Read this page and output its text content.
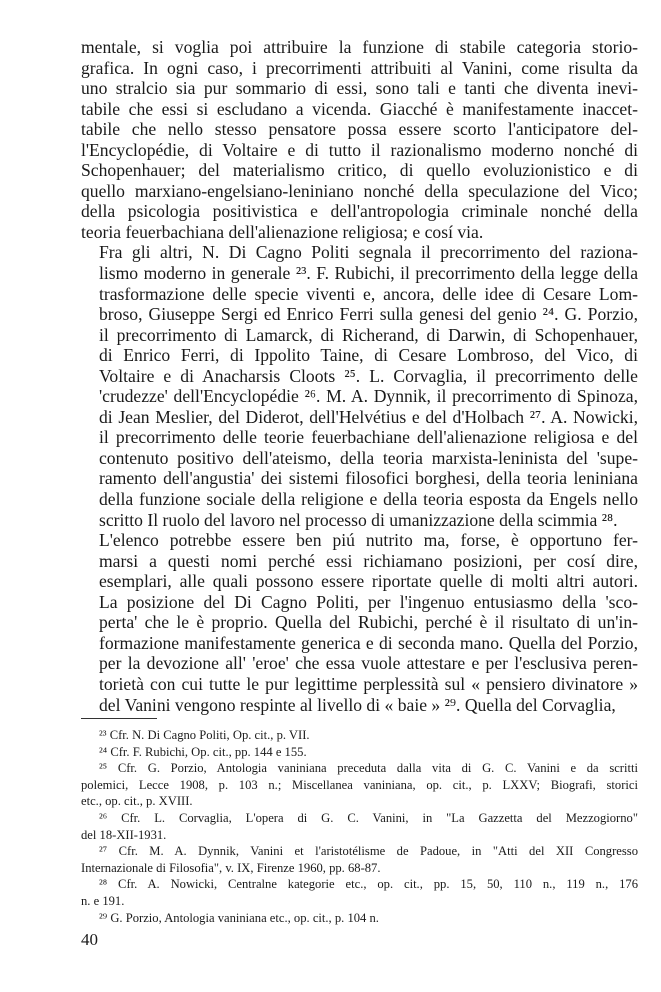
mentale, si voglia poi attribuire la funzione di stabile categoria storio-
grafica. In ogni caso, i precorrimenti attribuiti al Vanini, come risulta da
uno stralcio sia pur sommario di essi, sono tali e tanti che diventa inevi-
tabile che essi si escludano a vicenda. Giacché è manifestamente inaccet-
tabile che nello stesso pensatore possa essere scorto l'anticipatore del-
l'Encyclopédie, di Voltaire e di tutto il razionalismo moderno nonché di
Schopenhauer; del materialismo critico, di quello evoluzionistico e di
quello marxiano-engelsiano-leniniano nonché della speculazione del Vico;
della psicologia positivistica e dell'antropologia criminale nonché della
teoria feuerbachiana dell'alienazione religiosa; e cosí via.

Fra gli altri, N. Di Cagno Politi segnala il precorrimento del raziona-
lismo moderno in generale ²³. F. Rubichi, il precorrimento della legge della
trasformazione delle specie viventi e, ancora, delle idee di Cesare Lom-
broso, Giuseppe Sergi ed Enrico Ferri sulla genesi del genio ²⁴. G. Porzio,
il precorrimento di Lamarck, di Richerand, di Darwin, di Schopenhauer,
di Enrico Ferri, di Ippolito Taine, di Cesare Lombroso, del Vico, di
Voltaire e di Anacharsis Cloots ²⁵. L. Corvaglia, il precorrimento delle
'crudezze' dell'Encyclopédie ²⁶. M. A. Dynnik, il precorrimento di Spinoza,
di Jean Meslier, del Diderot, dell'Helvétius e del d'Holbach ²⁷. A. Nowicki,
il precorrimento delle teorie feuerbachiane dell'alienazione religiosa e del
contenuto positivo dell'ateismo, della teoria marxista-leninista del 'supe-
ramento dell'angustia' dei sistemi filosofici borghesi, della teoria leniniana
della funzione sociale della religione e della teoria esposta da Engels nello
scritto Il ruolo del lavoro nel processo di umanizzazione della scimmia ²⁸.

L'elenco potrebbe essere ben piú nutrito ma, forse, è opportuno fer-
marsi a questi nomi perché essi richiamano posizioni, per cosí dire,
esemplari, alle quali possono essere riportate quelle di molti altri autori.
La posizione del Di Cagno Politi, per l'ingenuo entusiasmo della 'sco-
perta' che le è proprio. Quella del Rubichi, perché è il risultato di un'in-
formazione manifestamente generica e di seconda mano. Quella del Porzio,
per la devozione all' 'eroe' che essa vuole attestare e per l'esclusiva peren-
torietà con cui tutte le pur legittime perplessità sul « pensiero divinatore »
del Vanini vengono respinte al livello di « baie » ²⁹. Quella del Corvaglia,

²³ Cfr. N. Di Cagno Politi, Op. cit., p. VII.
²⁴ Cfr. F. Rubichi, Op. cit., pp. 144 e 155.
²⁵ Cfr. G. Porzio, Antologia vaniniana preceduta dalla vita di G. C. Vanini e da scritti
polemici, Lecce 1908, p. 103 n.; Miscellanea vaniniana, op. cit., p. LXXV; Biografi, storici
etc., op. cit., p. XVIII.
²⁶ Cfr. L. Corvaglia, L'opera di G. C. Vanini, in "La Gazzetta del Mezzogiorno"
del 18-XII-1931.
²⁷ Cfr. M. A. Dynnik, Vanini et l'aristotélisme de Padoue, in "Atti del XII Congresso
Internazionale di Filosofia", v. IX, Firenze 1960, pp. 68-87.
²⁸ Cfr. A. Nowicki, Centralne kategorie etc., op. cit., pp. 15, 50, 110 n., 119 n., 176
n. e 191.
²⁹ G. Porzio, Antologia vaniniana etc., op. cit., p. 104 n.
40
